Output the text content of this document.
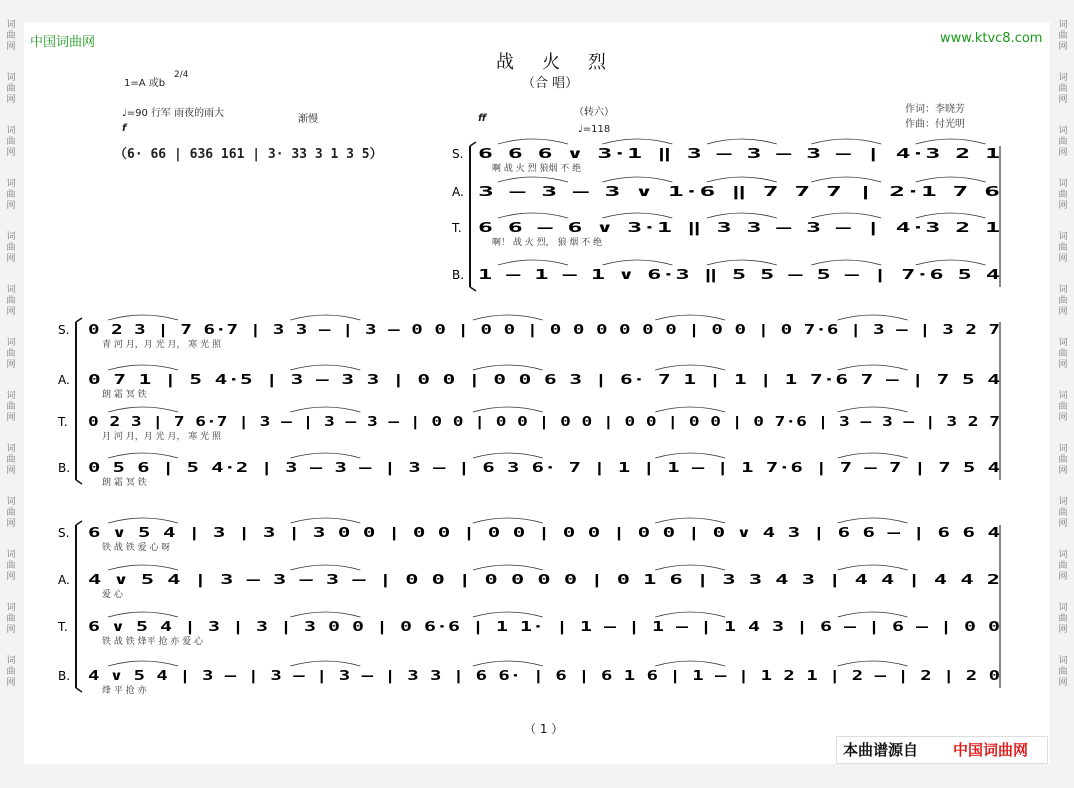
词
曲
网
词
曲
网
词
曲
网
词
曲
网
词
曲
网
词
曲
网
词
曲
网
词
曲
网
词
曲
网
词
曲
网
词
曲
网
词
曲
网
词
曲
网
词
曲
网
词
曲
网
词
曲
网
词
曲
网
词
曲
网
词
曲
网
词
曲
网
词
曲
网
词
曲
网
词
曲
网
词
曲
网
词
曲
网
词
曲
网
中国词曲网	www.ktvc8.com
战火烈
（合 唱）
作词：李晓芳
作曲：付光明
1=A 或b
2/4
♩=90 行军 雨夜的雨大
f
渐慢	ff
（转六）
♩=118
（6· 66 | 636 161 | 3· 33 3 1 3 5）	S. 6 6 6 ∨ 3·1 ‖ 3 – 3 – 3 – | 4·3 2 1
啊 战 火 烈 狼烟 不 绝
A. 3 – 3 – 3 ∨ 1·6 ‖ 7 7 7 | 2·1 7 6
T. 6 6 – 6 ∨ 3·1 ‖ 3 3 – 3 – | 4·3 2 1
啊！ 战 火 烈， 狼 烟 不 绝
B. 1 – 1 – 1 ∨ 6·3 ‖ 5 5 – 5 – | 7·6 5 4
S. 0 2 3 | 7 6·7 | 3 3 – | 3 – 0 0 | 0 0 | 0 0 0 0 0 0 | 0 0 | 0 7·6 | 3 – | 3 2 7
青 河 月，月 光 月， 寒 光 照
A. 0 7 1 | 5 4·5 | 3 – 3 3 | 0 0 | 0 0 6 3 | 6· 7 1 | 1 | 1 7·6 7 – | 7 5 4
朗 霜 冥 铁
T. 0 2 3 | 7 6·7 | 3 – | 3 – 3 – | 0 0 | 0 0 | 0 0 | 0 0 | 0 0 | 0 7·6 | 3 – 3 – | 3 2 7
月 河 月，月 光 月， 寒 光 照
B. 0 5 6 | 5 4·2 | 3 – 3 – | 3 – | 6 3 6· 7 | 1 | 1 – | 1 7·6 | 7 – 7 | 7 5 4
朗 霜 冥 铁
S. 6 ∨ 5 4 | 3 | 3 | 3 0 0 | 0 0 | 0 0 | 0 0 | 0 0 | 0 ∨ 4 3 | 6 6 – | 6 6 4
铁 战 铁 爱 心 呀
A. 4 ∨ 5 4 | 3 – 3 – 3 – | 0 0 | 0 0 0 0 | 0 1 6 | 3 3 4 3 | 4 4 | 4 4 2
爱 心
T. 6 ∨ 5 4 | 3 | 3 | 3 0 0 | 0 6·6 | 1 1· | 1 – | 1 – | 1 4 3 | 6 – | 6 – | 0 0
铁 战 铁 烽平 抢 亦 爱 心
B. 4 ∨ 5 4 | 3 – | 3 – | 3 – | 3 3 | 6 6· | 6 | 6 1 6 | 1 – | 1 2 1 | 2 – | 2 | 2 0
烽 平 抢 亦
（ 1 ）
本曲谱源自 中国词曲网
